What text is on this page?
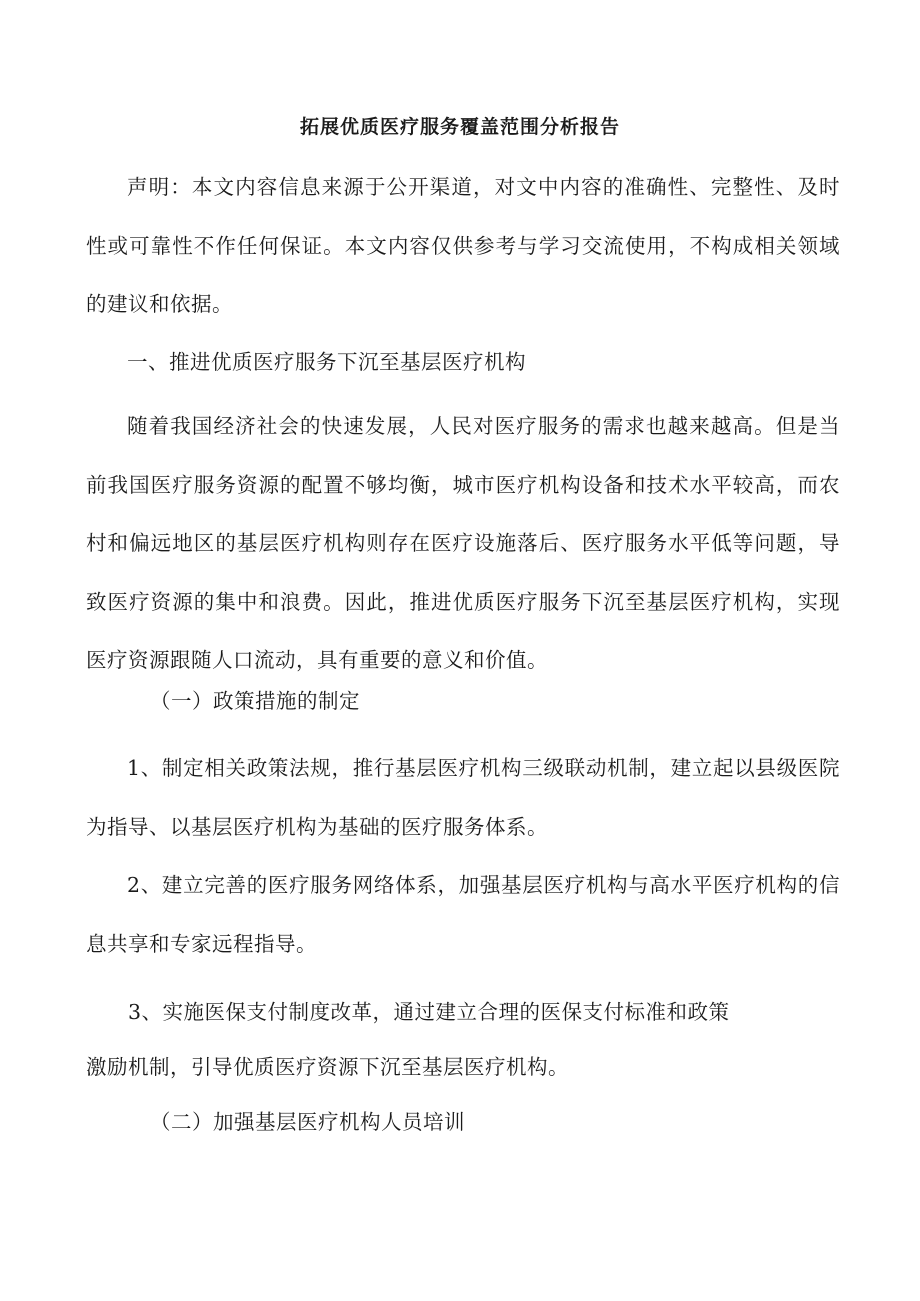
拓展优质医疗服务覆盖范围分析报告

声明：本文内容信息来源于公开渠道，对文中内容的准确性、完整性、及时性或可靠性不作任何保证。本文内容仅供参考与学习交流使用，不构成相关领域的建议和依据。

一、推进优质医疗服务下沉至基层医疗机构

随着我国经济社会的快速发展，人民对医疗服务的需求也越来越高。但是当前我国医疗服务资源的配置不够均衡，城市医疗机构设备和技术水平较高，而农村和偏远地区的基层医疗机构则存在医疗设施落后、医疗服务水平低等问题，导致医疗资源的集中和浪费。因此，推进优质医疗服务下沉至基层医疗机构，实现医疗资源跟随人口流动，具有重要的意义和价值。

（一）政策措施的制定

1、制定相关政策法规，推行基层医疗机构三级联动机制，建立起以县级医院为指导、以基层医疗机构为基础的医疗服务体系。

2、建立完善的医疗服务网络体系，加强基层医疗机构与高水平医疗机构的信息共享和专家远程指导。

3、实施医保支付制度改革，通过建立合理的医保支付标准和政策

激励机制，引导优质医疗资源下沉至基层医疗机构。

（二）加强基层医疗机构人员培训
